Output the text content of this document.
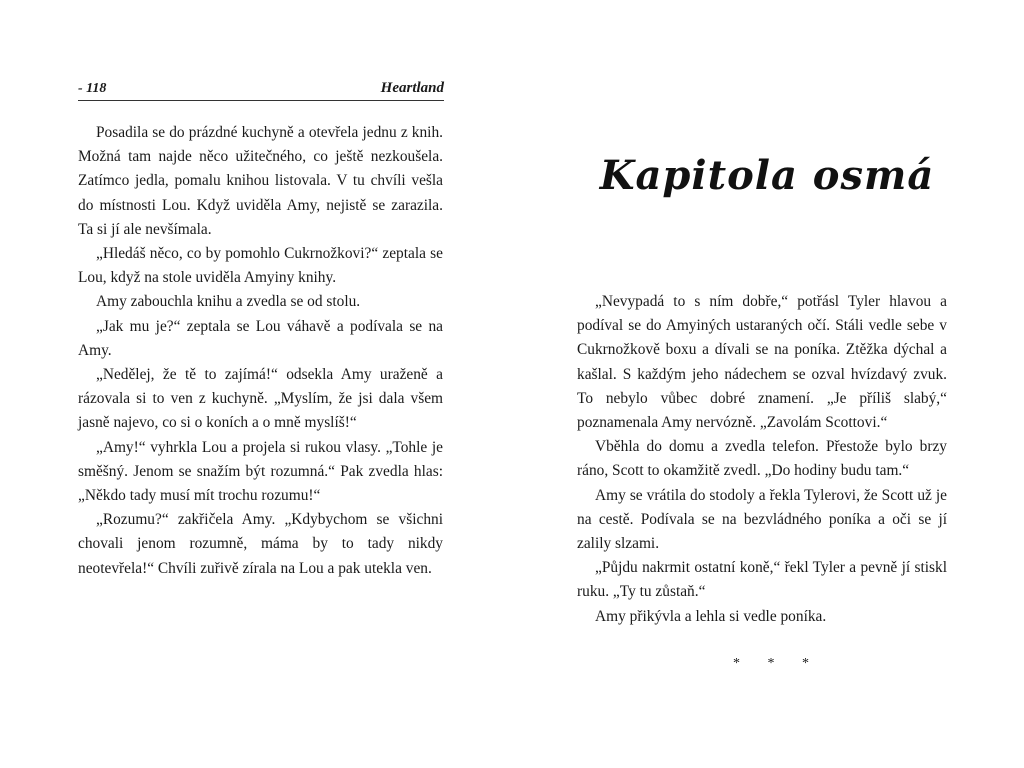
- 118	Heartland

Posadila se do prázdné kuchyně a otevřela jednu z knih. Možná tam najde něco užitečného, co ještě nezkoušela. Zatímco jedla, pomalu knihou listovala. V tu chvíli vešla do místnosti Lou. Když uviděla Amy, nejistě se zarazila. Ta si jí ale nevšímala.

„Hledáš něco, co by pomohlo Cukrnožkovi?“ zeptala se Lou, když na stole uviděla Amyiny knihy.

Amy zabouchla knihu a zvedla se od stolu.

„Jak mu je?“ zeptala se Lou váhavě a podívala se na Amy.

„Nedělej, že tě to zajímá!“ odsekla Amy uraženě a rázovala si to ven z kuchyně. „Myslím, že jsi dala všem jasně najevo, co si o koních a o mně myslíš!“

„Amy!“ vyhrkla Lou a projela si rukou vlasy. „Tohle je směšný. Jenom se snažím být rozumná.“ Pak zvedla hlas: „Někdo tady musí mít trochu rozumu!“

„Rozumu?“ zakřičela Amy. „Kdybychom se všichni chovali jenom rozumně, máma by to tady nikdy neotevřela!“ Chvíli zuřivě zírala na Lou a pak utekla ven.

Kapitola osmá

„Nevypadá to s ním dobře,“ potřásl Tyler hlavou a podíval se do Amyiných ustaraných očí. Stáli vedle sebe v Cukrnožkově boxu a dívali se na poníka. Ztěžka dýchal a kašlal. S každým jeho nádechem se ozval hvízdavý zvuk. To nebylo vůbec dobré znamení. „Je příliš slabý,“ poznamenala Amy nervózně. „Zavolám Scottovi.“

Vběhla do domu a zvedla telefon. Přestože bylo brzy ráno, Scott to okamžitě zvedl. „Do hodiny budu tam.“

Amy se vrátila do stodoly a řekla Tylerovi, že Scott už je na cestě. Podívala se na bezvládného poníka a oči se jí zalily slzami.

„Půjdu nakrmit ostatní koně,“ řekl Tyler a pevně jí stiskl ruku. „Ty tu zůstaň.“

Amy přikývla a lehla si vedle poníka.

* * *
